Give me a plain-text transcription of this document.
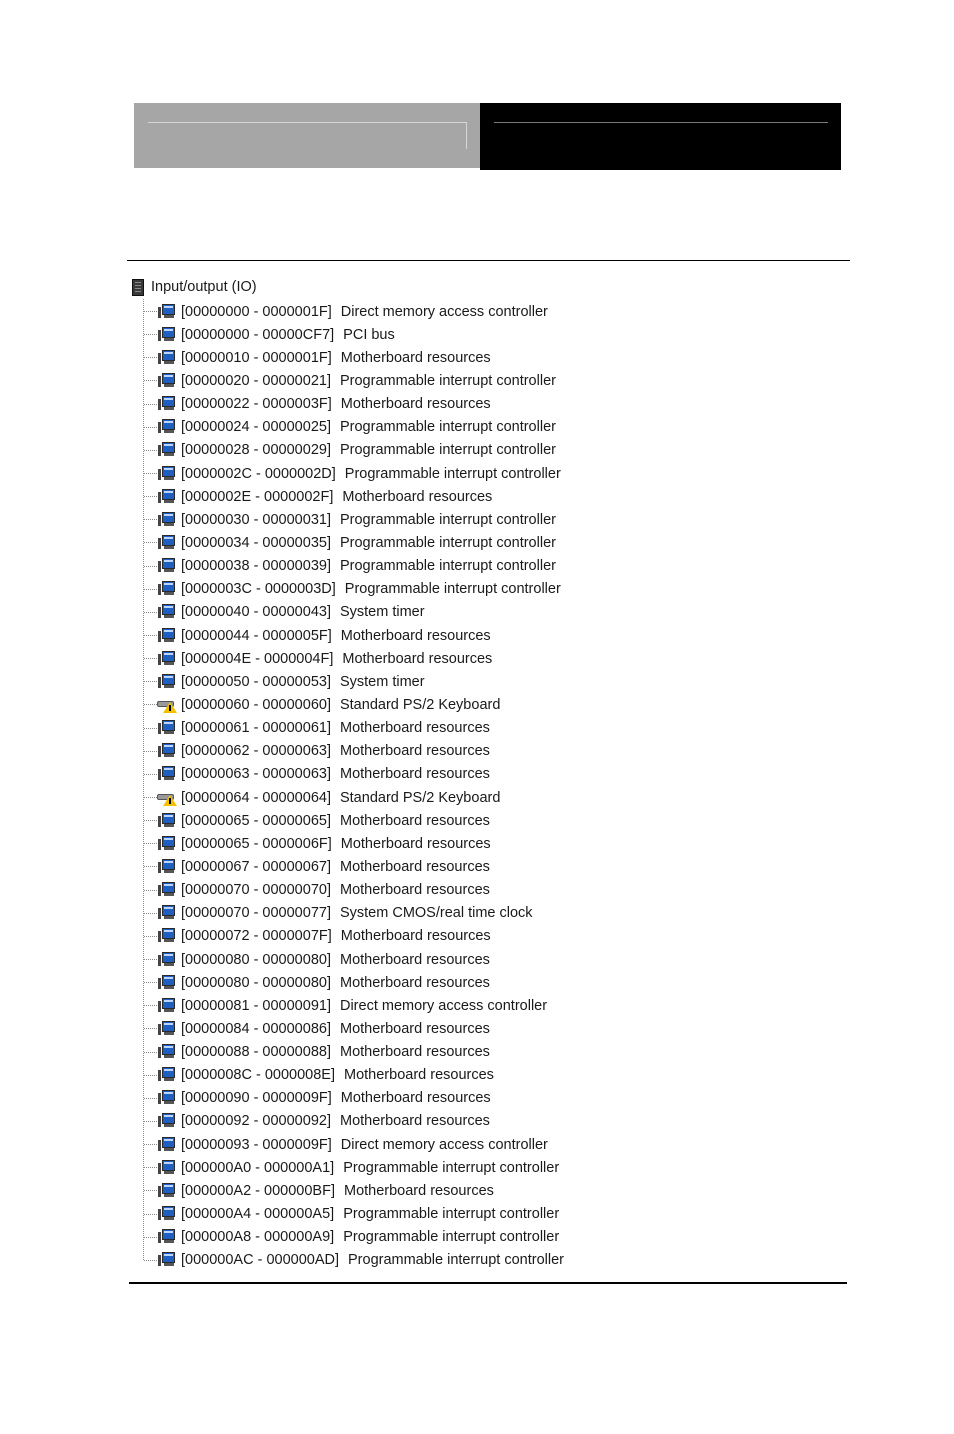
Input/output (IO)
[00000000 - 0000001F] Direct memory access controller
[00000000 - 00000CF7] PCI bus
[00000010 - 0000001F] Motherboard resources
[00000020 - 00000021] Programmable interrupt controller
[00000022 - 0000003F] Motherboard resources
[00000024 - 00000025] Programmable interrupt controller
[00000028 - 00000029] Programmable interrupt controller
[0000002C - 0000002D] Programmable interrupt controller
[0000002E - 0000002F] Motherboard resources
[00000030 - 00000031] Programmable interrupt controller
[00000034 - 00000035] Programmable interrupt controller
[00000038 - 00000039] Programmable interrupt controller
[0000003C - 0000003D] Programmable interrupt controller
[00000040 - 00000043] System timer
[00000044 - 0000005F] Motherboard resources
[0000004E - 0000004F] Motherboard resources
[00000050 - 00000053] System timer
[00000060 - 00000060] Standard PS/2 Keyboard
[00000061 - 00000061] Motherboard resources
[00000062 - 00000063] Motherboard resources
[00000063 - 00000063] Motherboard resources
[00000064 - 00000064] Standard PS/2 Keyboard
[00000065 - 00000065] Motherboard resources
[00000065 - 0000006F] Motherboard resources
[00000067 - 00000067] Motherboard resources
[00000070 - 00000070] Motherboard resources
[00000070 - 00000077] System CMOS/real time clock
[00000072 - 0000007F] Motherboard resources
[00000080 - 00000080] Motherboard resources
[00000080 - 00000080] Motherboard resources
[00000081 - 00000091] Direct memory access controller
[00000084 - 00000086] Motherboard resources
[00000088 - 00000088] Motherboard resources
[0000008C - 0000008E] Motherboard resources
[00000090 - 0000009F] Motherboard resources
[00000092 - 00000092] Motherboard resources
[00000093 - 0000009F] Direct memory access controller
[000000A0 - 000000A1] Programmable interrupt controller
[000000A2 - 000000BF] Motherboard resources
[000000A4 - 000000A5] Programmable interrupt controller
[000000A8 - 000000A9] Programmable interrupt controller
[000000AC - 000000AD] Programmable interrupt controller
